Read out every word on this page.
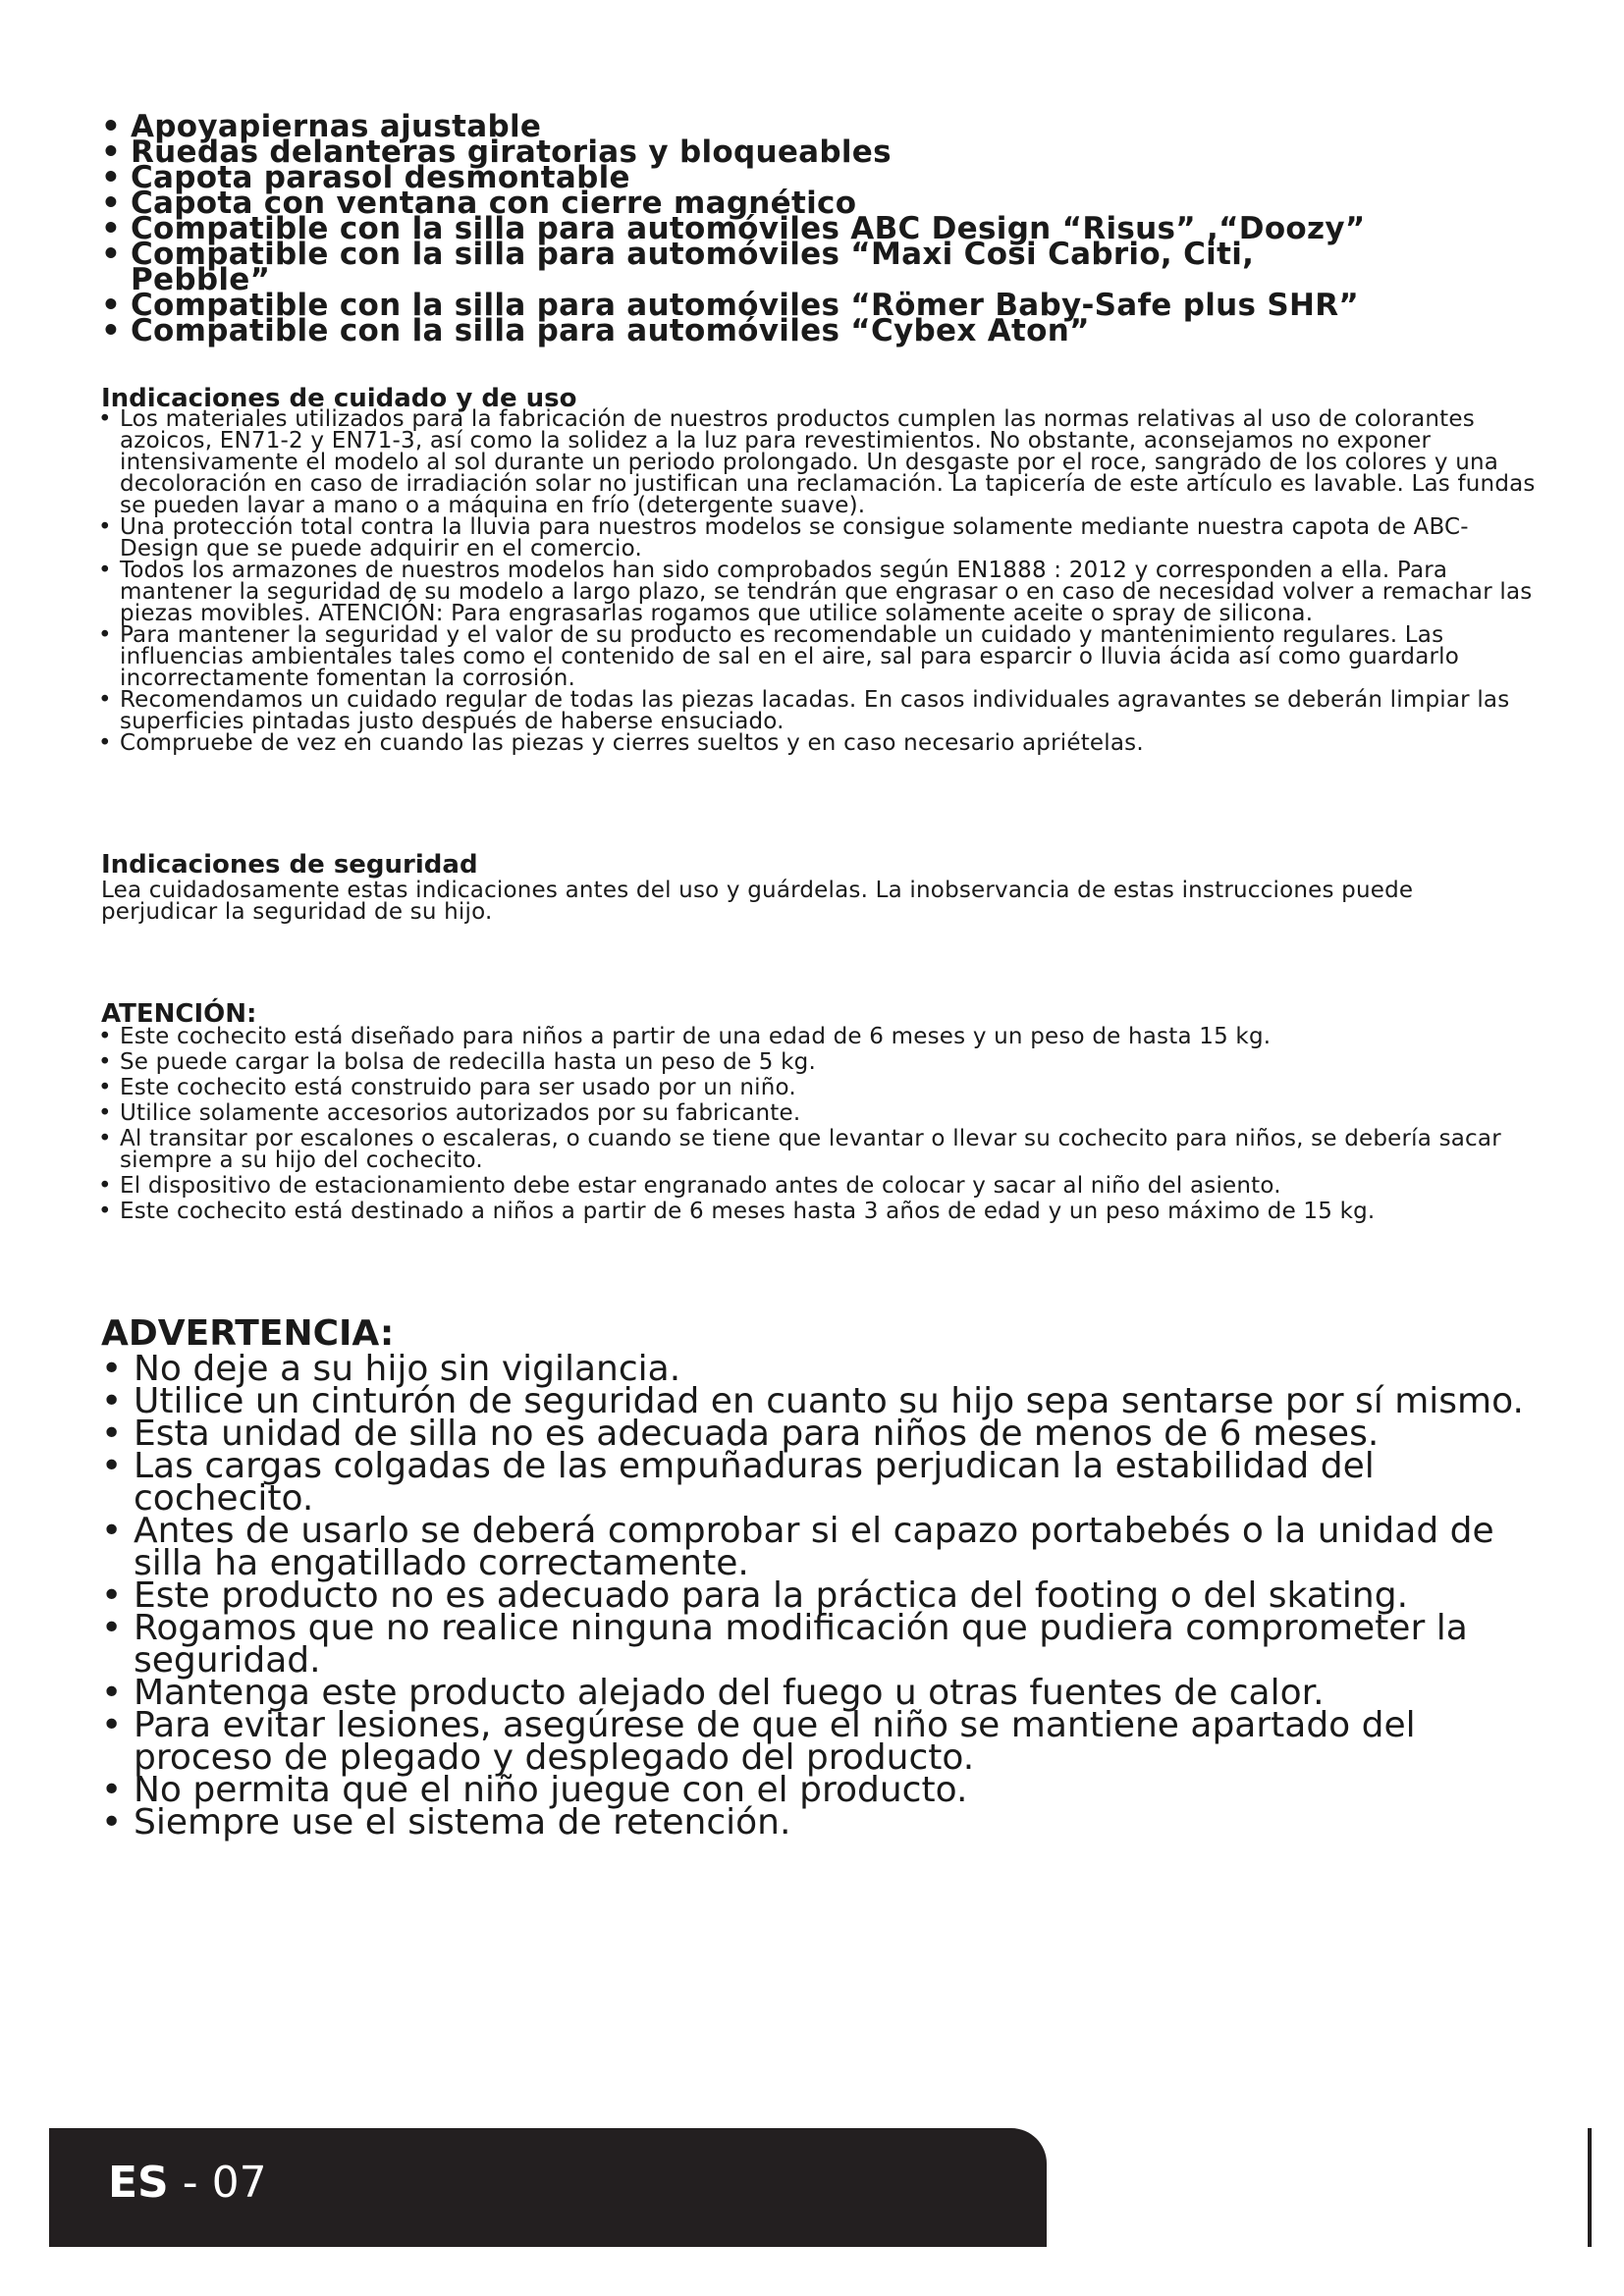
• Apoyapiernas ajustable
• Ruedas delanteras giratorias y bloqueables
• Capota parasol desmontable
• Capota con ventana con cierre magnético
• Compatible con la silla para automóviles ABC Design “Risus” ,“Doozy”
• Compatible con la silla para automóviles “Maxi Cosi Cabrio, Citi, Pebble”
• Compatible con la silla para automóviles “Römer Baby-Safe plus SHR”
• Compatible con la silla para automóviles “Cybex Aton”
Indicaciones de cuidado y de uso
• Los materiales utilizados para la fabricación de nuestros productos cumplen las normas relativas al uso de colorantes azoicos, EN71-2 y EN71-3, así como la solidez a la luz para revestimientos. No obstante, aconsejamos no exponer intensivamente el modelo al sol durante un periodo prolongado. Un desgaste por el roce, sangrado de los colores y una decoloración en caso de irradiación solar no justifican una reclamación. La tapicería de este artículo es lavable. Las fundas se pueden lavar a mano o a máquina en frío (detergente suave).
• Una protección total contra la lluvia para nuestros modelos se consigue solamente mediante nuestra capota de ABC-Design que se puede adquirir en el comercio.
• Todos los armazones de nuestros modelos han sido comprobados según EN1888 : 2012 y corresponden a ella. Para mantener la seguridad de su modelo a largo plazo, se tendrán que engrasar o en caso de necesidad volver a remachar las piezas movibles. ATENCIÓN: Para engrasarlas rogamos que utilice solamente aceite o spray de silicona.
• Para mantener la seguridad y el valor de su producto es recomendable un cuidado y mantenimiento regulares. Las influencias ambientales tales como el contenido de sal en el aire, sal para esparcir o lluvia ácida así como guardarlo incorrectamente fomentan la corrosión.
• Recomendamos un cuidado regular de todas las piezas lacadas. En casos individuales agravantes se deberán limpiar las superficies pintadas justo después de haberse ensuciado.
• Compruebe de vez en cuando las piezas y cierres sueltos y en caso necesario apriételas.
Indicaciones de seguridad

Lea cuidadosamente estas indicaciones antes del uso y guárdelas. La inobservancia de estas instrucciones puede perjudicar la seguridad de su hijo.

ATENCIÓN:
• Este cochecito está diseñado para niños a partir de una edad de 6 meses y un peso de hasta 15 kg.
• Se puede cargar la bolsa de redecilla hasta un peso de 5 kg.
• Este cochecito está construido para ser usado por un niño.
• Utilice solamente accesorios autorizados por su fabricante.
• Al transitar por escalones o escaleras, o cuando se tiene que levantar o llevar su cochecito para niños, se debería sacar siempre a su hijo del cochecito.
• El dispositivo de estacionamiento debe estar engranado antes de colocar y sacar al niño del asiento.
• Este cochecito está destinado a niños a partir de 6 meses hasta 3 años de edad y un peso máximo de 15 kg.
ADVERTENCIA:
• No deje a su hijo sin vigilancia.
• Utilice un cinturón de seguridad en cuanto su hijo sepa sentarse por sí mismo.
• Esta unidad de silla no es adecuada para niños de menos de 6 meses.
• Las cargas colgadas de las empuñaduras perjudican la estabilidad del cochecito.
• Antes de usarlo se deberá comprobar si el capazo portabebés o la unidad de silla ha engatillado correctamente.
• Este producto no es adecuado para la práctica del footing o del skating.
• Rogamos que no realice ninguna modificación que pudiera comprometer la seguridad.
• Mantenga este producto alejado del fuego u otras fuentes de calor.
• Para evitar lesiones, asegúrese de que el niño se mantiene apartado del proceso de plegado y desplegado del producto.
• No permita que el niño juegue con el producto.
• Siempre use el sistema de retención.

ES - 07
